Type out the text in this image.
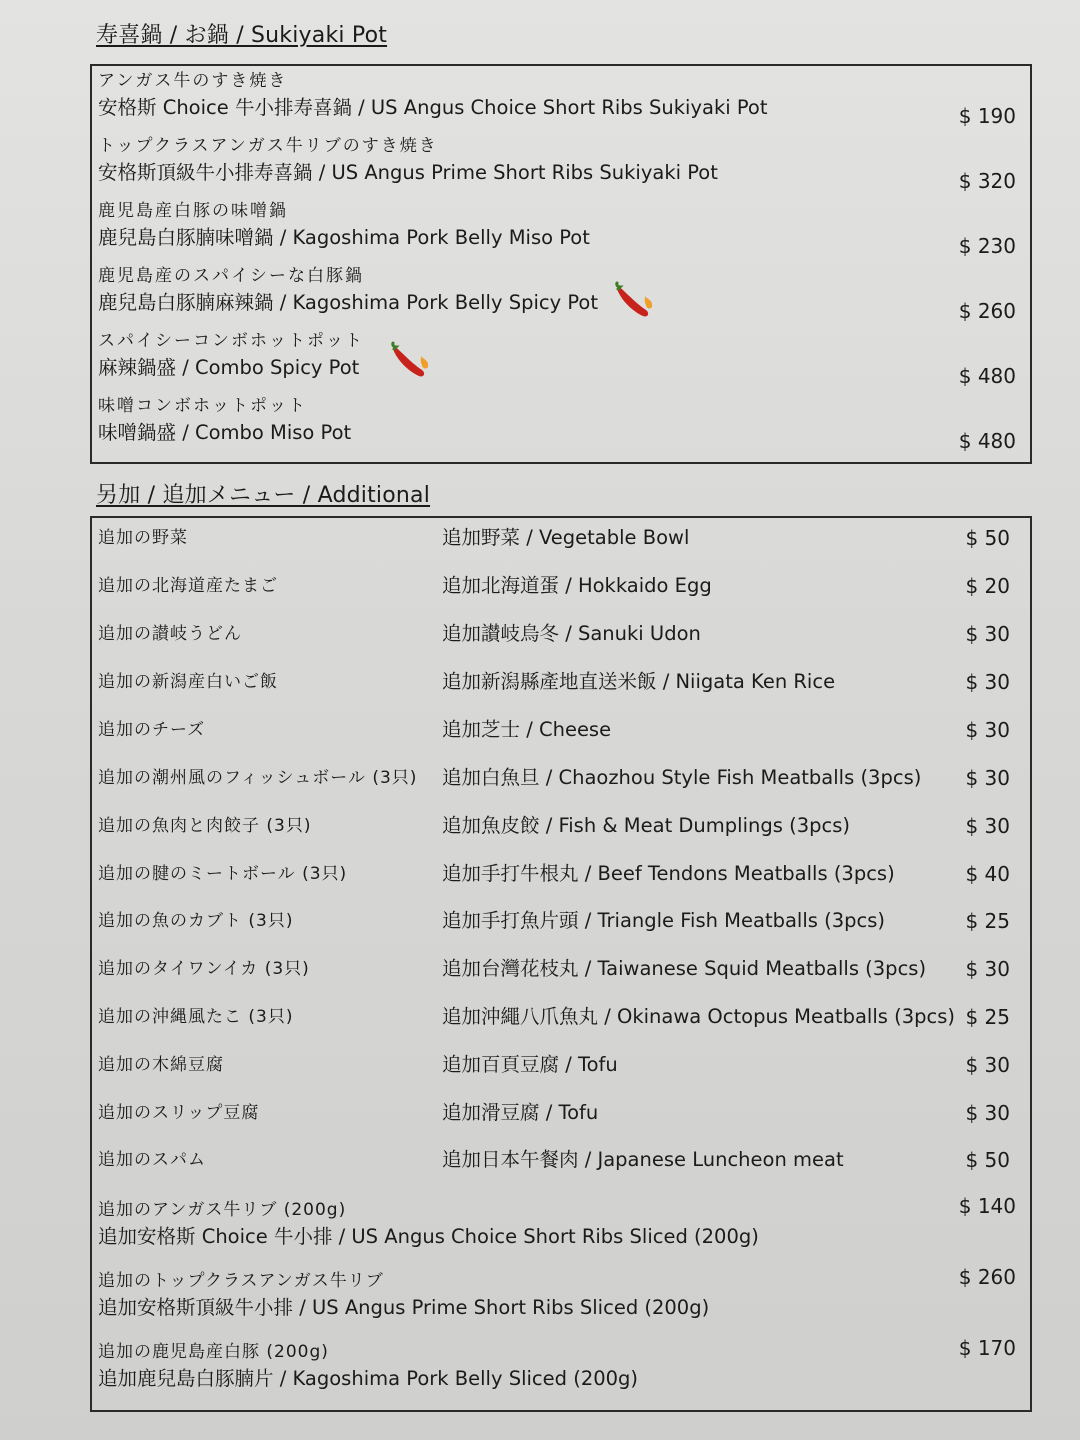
寿喜鍋 / お鍋 / Sukiyaki Pot
アンガス牛のすき焼き
安格斯 Choice 牛小排寿喜鍋 / US Angus Choice Short Ribs Sukiyaki Pot	$ 190
トップクラスアンガス牛リブのすき焼き
安格斯頂級牛小排寿喜鍋 / US Angus Prime Short Ribs Sukiyaki Pot	$ 320
鹿児島産白豚の味噌鍋
鹿兒島白豚腩味噌鍋 / Kagoshima Pork Belly Miso Pot	$ 230
鹿児島産のスパイシーな白豚鍋
鹿兒島白豚腩麻辣鍋 / Kagoshima Pork Belly Spicy Pot	$ 260
スパイシーコンボホットポット
麻辣鍋盛 / Combo Spicy Pot	$ 480
味噌コンボホットポット
味噌鍋盛 / Combo Miso Pot	$ 480
另加 / 追加メニュー / Additional
追加の野菜	追加野菜 / Vegetable Bowl	$ 50
追加の北海道産たまご	追加北海道蛋 / Hokkaido Egg	$ 20
追加の讃岐うどん	追加讃岐烏冬 / Sanuki Udon	$ 30
追加の新潟産白いご飯	追加新潟縣產地直送米飯 / Niigata Ken Rice	$ 30
追加のチーズ	追加芝士 / Cheese	$ 30
追加の潮州風のフィッシュボール (3只)	追加白魚旦 / Chaozhou Style Fish Meatballs (3pcs) $ 30
追加の魚肉と肉餃子 (3只)	追加魚皮餃 / Fish & Meat Dumplings (3pcs)	$ 30
追加の腱のミートボール (3只)	追加手打牛根丸 / Beef Tendons Meatballs (3pcs)	$ 40
追加の魚のカブト (3只)	追加手打魚片頭 / Triangle Fish Meatballs (3pcs)	$ 25
追加のタイワンイカ (3只)	追加台灣花枝丸 / Taiwanese Squid Meatballs (3pcs) $ 30
追加の沖縄風たこ (3只)	追加沖繩八爪魚丸 / Okinawa Octopus Meatballs (3pcs) $ 25
追加の木綿豆腐	追加百頁豆腐 / Tofu	$ 30
追加のスリップ豆腐	追加滑豆腐 / Tofu	$ 30
追加のスパム	追加日本午餐肉 / Japanese Luncheon meat	$ 50
追加のアンガス牛リブ (200g)
追加安格斯 Choice 牛小排 / US Angus Choice Short Ribs Sliced (200g)
$ 140
追加のトップクラスアンガス牛リブ
追加安格斯頂級牛小排 / US Angus Prime Short Ribs Sliced (200g)
$ 260
追加の鹿児島産白豚 (200g)
追加鹿兒島白豚腩片 / Kagoshima Pork Belly Sliced (200g)
$ 170
